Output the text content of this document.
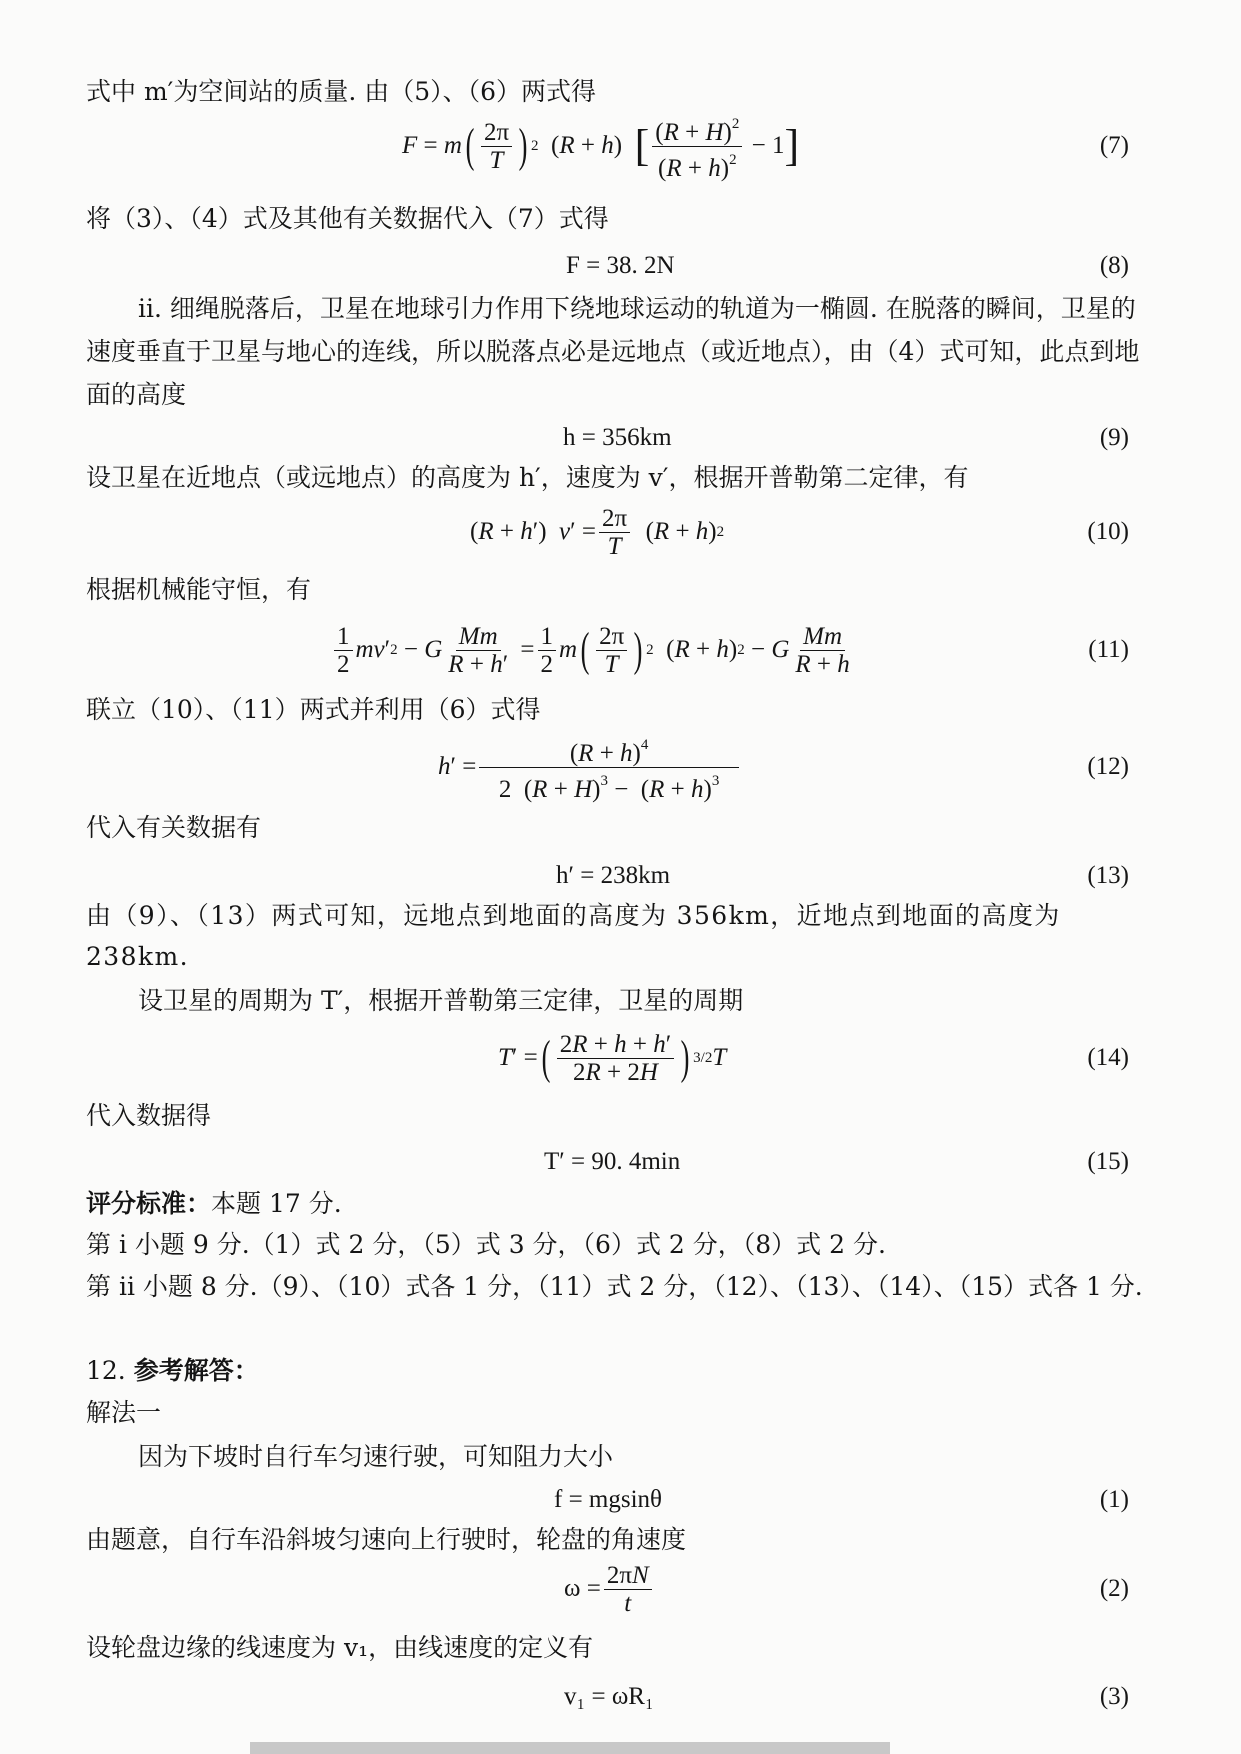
式中 m′为空间站的质量. 由（5）、（6）两式得
F = m ( $\frac{2\pi}{T}$ ) 2 ( R + h ) [ $\frac{(R + H)^2}{(R + h)^2} - 1$ ]	(7)
将（3）、（4）式及其他有关数据代入（7）式得
F = 38. 2N	(8)
ii. 细绳脱落后，卫星在地球引力作用下绕地球运动的轨道为一椭圆. 在脱落的瞬间，卫星的速度垂直于卫星与地心的连线，所以脱落点必是远地点（或近地点），由（4）式可知，此点到地面的高度
h = 356km	(9)
设卫星在近地点（或远地点）的高度为 h′，速度为 v′，根据开普勒第二定律，有
( R + h ′) v ′ = $\frac{2\pi}{T}$ ( R + h ) 2	(10)
根据机械能守恒，有
$\frac{1}{2}$ mv ′ 2 − G $\frac{Mm}{R + h'} = \frac{1}{2}$ m ( $\frac{2\pi}{T}$ ) 2 ( R + h ) 2 − G $\frac{Mm}{R + h}$	(11)
联立（10）、（11）两式并利用（6）式得
h ′ = $\frac{(R + h)^4}{2 (R + H)^3 - (R + h)^3}$	(12)
代入有关数据有
h′ = 238km	(13)
由（9）、（13）两式可知，远地点到地面的高度为 356km，近地点到地面的高度为 238km.
设卫星的周期为 T′，根据开普勒第三定律，卫星的周期
T ′ = ( $\frac{2R + h + h'}{2R + 2H}$ ) 3/2 T	(14)
代入数据得
T′ = 90. 4min	(15)
评分标准：本题 17 分.
第 i 小题 9 分.（1）式 2 分，（5）式 3 分，（6）式 2 分，（8）式 2 分.
第 ii 小题 8 分.（9）、（10）式各 1 分，（11）式 2 分，（12）、（13）、（14）、（15）式各 1 分.
12. 参考解答：
解法一
因为下坡时自行车匀速行驶，可知阻力大小
f = mgsinθ	(1)
由题意，自行车沿斜坡匀速向上行驶时，轮盘的角速度
$\omega = \frac{2\pi N}{t}$	(2)
设轮盘边缘的线速度为 v₁，由线速度的定义有
v₁ = ωR₁	(3)
